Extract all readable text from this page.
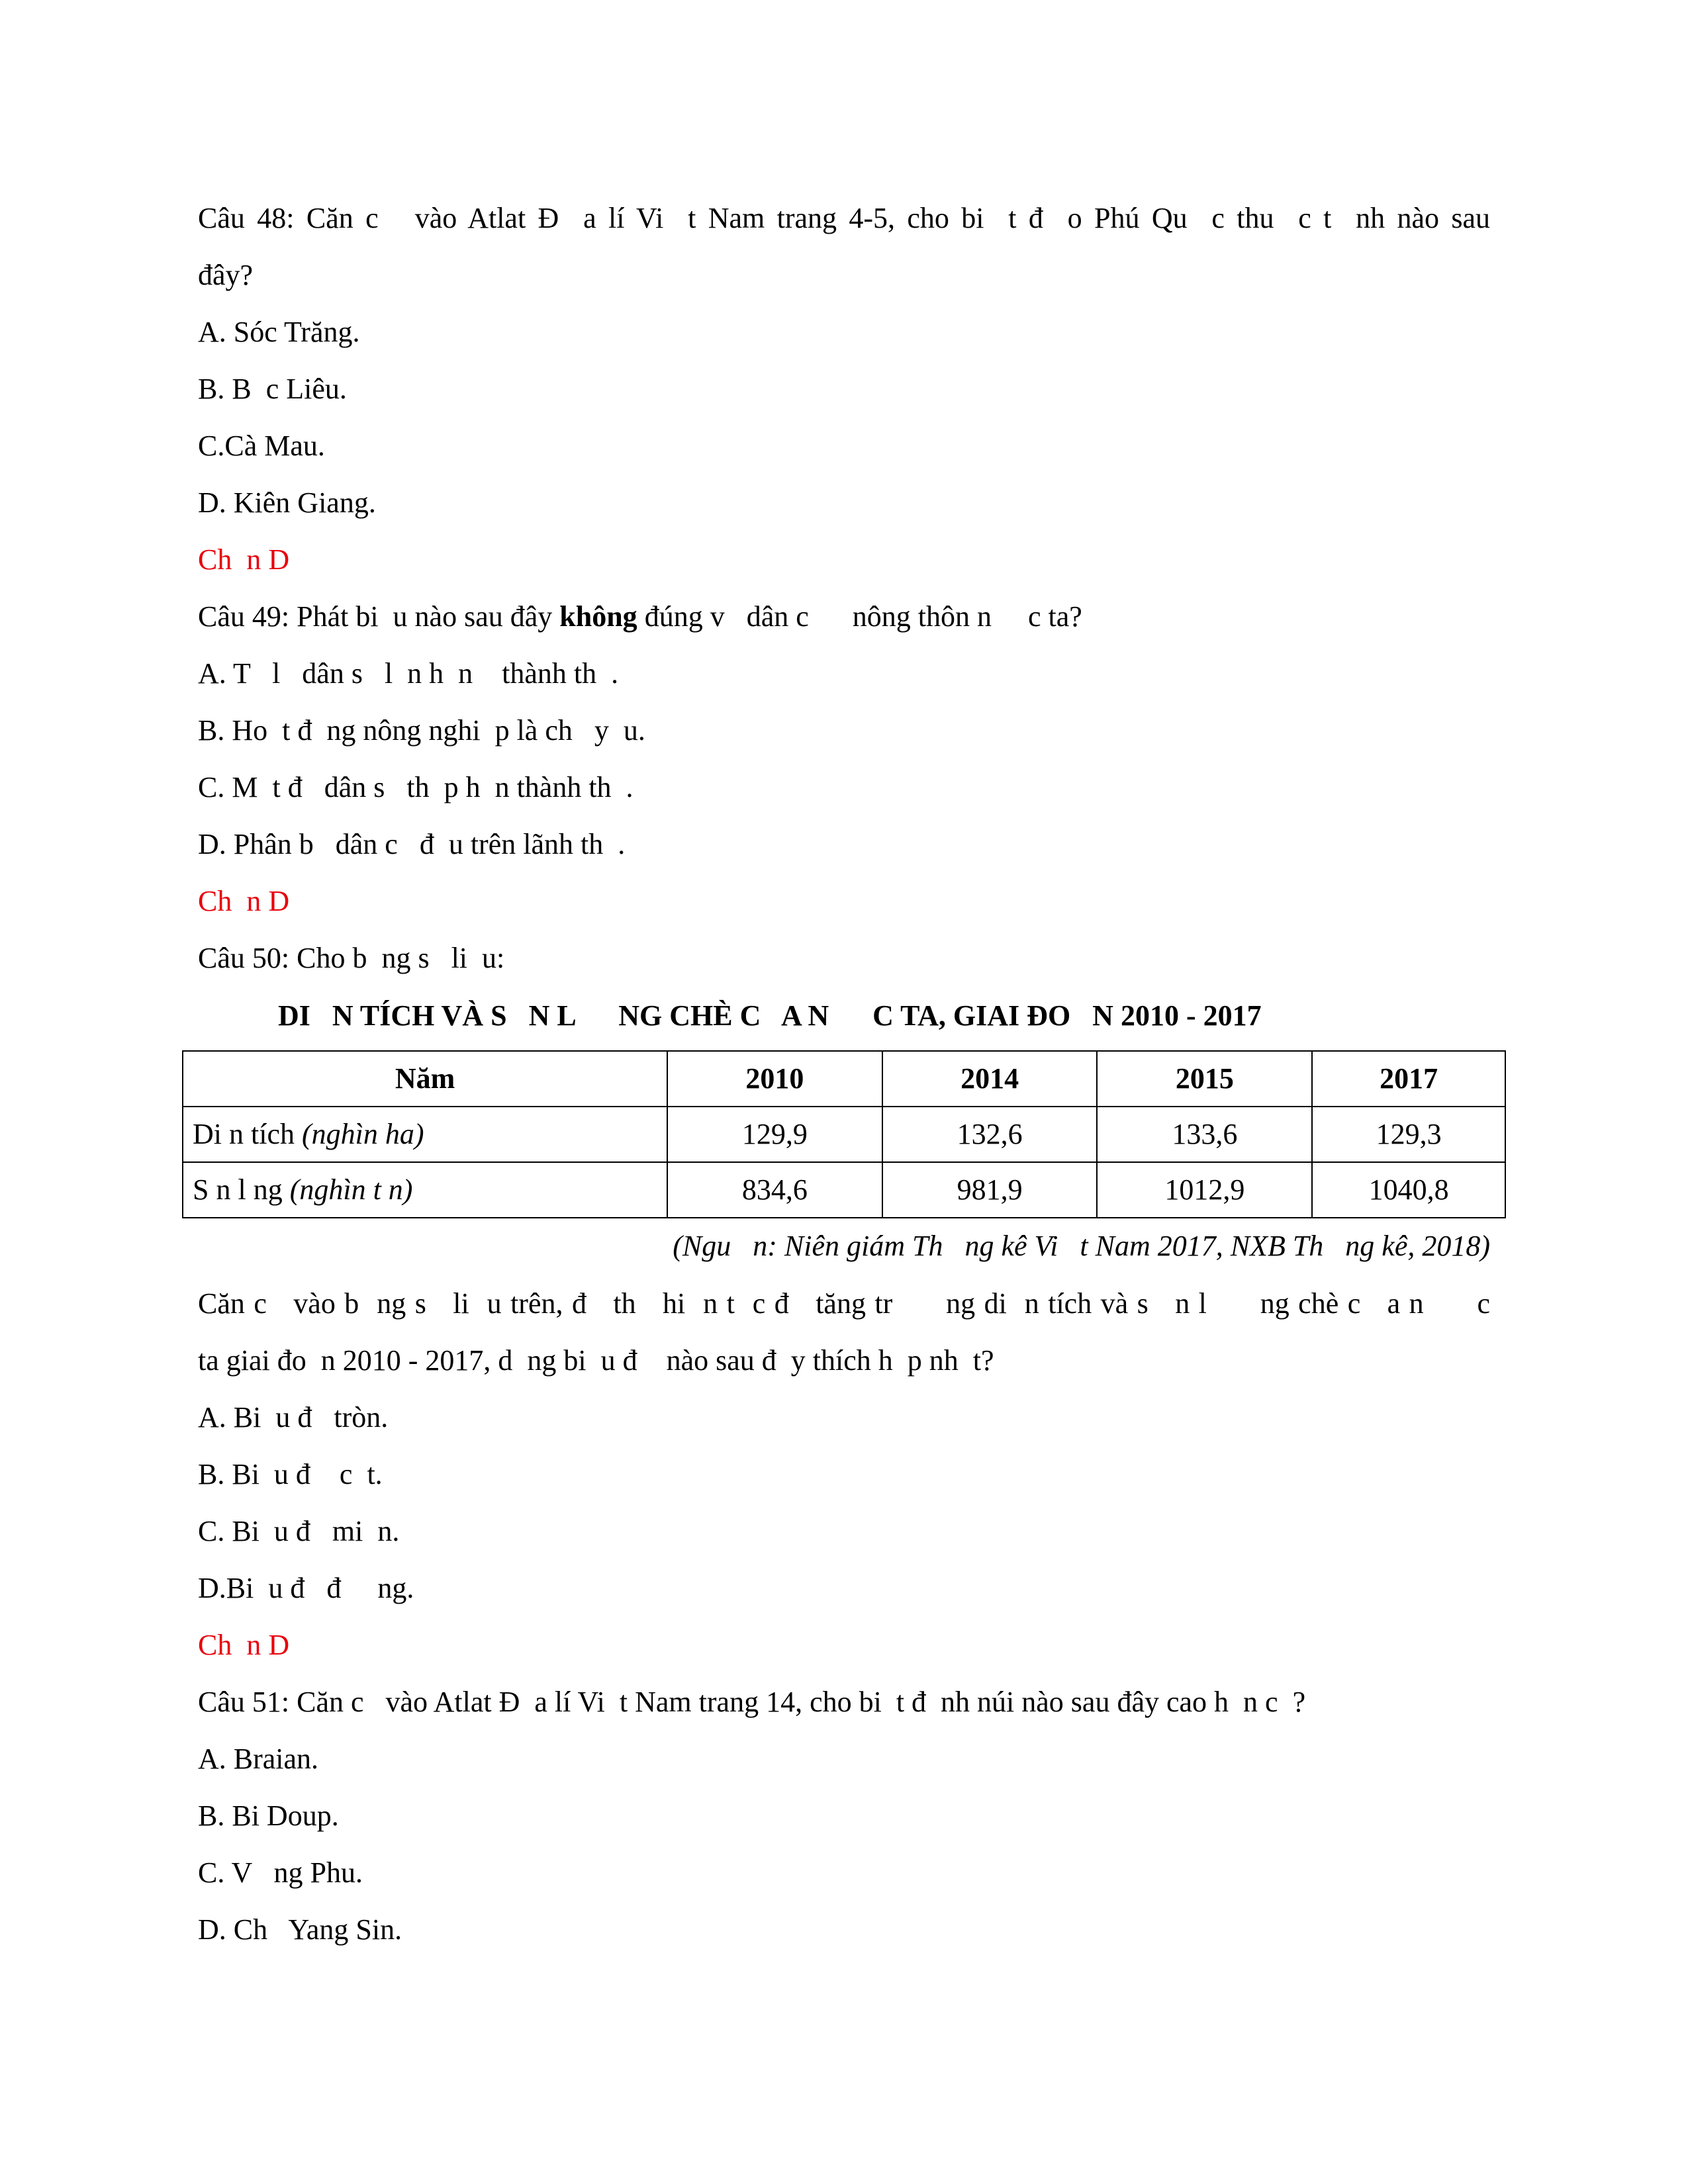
Câu 48: Căn c   vào Atlat Đ  a lí Vi  t Nam trang 4-5, cho bi  t đ  o Phú Qu  c thu  c t  nh nào sau
đây?
A. Sóc Trăng.
B. B  c Liêu.
C.Cà Mau.
D. Kiên Giang.
Ch  n D
Câu 49: Phát bi  u nào sau đây không đúng v   dân c      nông thôn n     c ta?
A. T   l   dân s   l  n h  n    thành th  .
B. Ho  t đ  ng nông nghi  p là ch   y  u.
C. M  t đ   dân s   th  p h  n thành th  .
D. Phân b   dân c   đ  u trên lãnh th  .
Ch  n D
Câu 50: Cho b  ng s   li  u:
DI   N TÍCH VÀ S   N L      NG CHÈ C   A N      C TA, GIAI ĐO   N 2010 - 2017
Năm	2010	2014	2015	2017
Di n tích (nghìn ha)	129,9	132,6	133,6	129,3
S n l ng (nghìn t n)	834,6	981,9	1012,9	1040,8
(Ngu   n: Niên giám Th   ng kê Vi   t Nam 2017, NXB Th   ng kê, 2018)
Căn c   vào b  ng s   li  u trên, đ   th   hi  n t  c đ   tăng tr      ng di  n tích và s   n l      ng chè c   a n      c
ta giai đo  n 2010 - 2017, d  ng bi  u đ    nào sau đ  y thích h  p nh  t?
A. Bi  u đ   tròn.
B. Bi  u đ    c  t.
C. Bi  u đ   mi  n.
D.Bi  u đ   đ     ng.
Ch  n D
Câu 51: Căn c   vào Atlat Đ  a lí Vi  t Nam trang 14, cho bi  t đ  nh núi nào sau đây cao h  n c  ?
A. Braian.
B. Bi Doup.
C. V   ng Phu.
D. Ch   Yang Sin.
